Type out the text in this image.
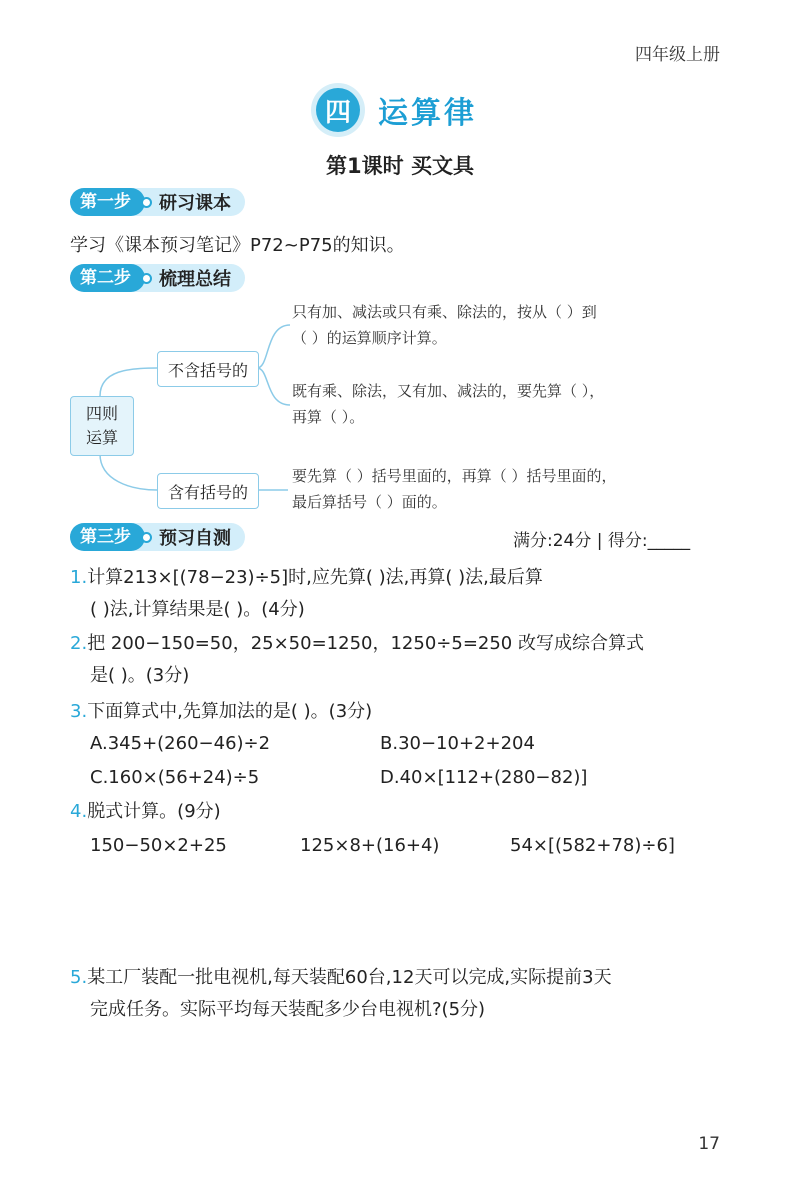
四年级上册
四 运算律
第1课时 买文具
第一步	研习课本
学习《课本预习笔记》P72~P75的知识。
第二步	梳理总结
四则
运算
不含括号的
含有括号的
只有加、减法或只有乘、除法的，按从（ ）到
（ ）的运算顺序计算。
既有乘、除法，又有加、减法的，要先算（ ），
再算（ ）。
要先算（ ）括号里面的，再算（ ）括号里面的，
最后算括号（ ）面的。
第三步	预习自测	满分:24分 | 得分:_____
1.计算213×[(78−23)÷5]时,应先算( )法,再算( )法,最后算
( )法,计算结果是( )。(4分)
2.把 200−150=50，25×50=1250，1250÷5=250 改写成综合算式
是( )。(3分)
3.下面算式中,先算加法的是( )。(3分)
A.345+(260−46)÷2	B.30−10+2+204
C.160×(56+24)÷5	D.40×[112+(280−82)]
4.脱式计算。(9分)
150−50×2+25	125×8+(16+4)	54×[(582+78)÷6]
5.某工厂装配一批电视机,每天装配60台,12天可以完成,实际提前3天
完成任务。实际平均每天装配多少台电视机?(5分)
17
